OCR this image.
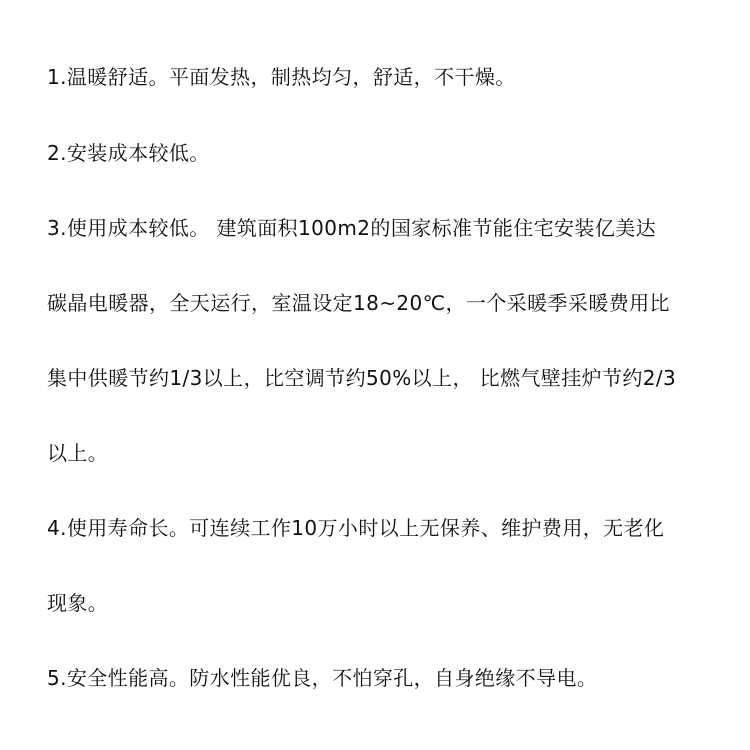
1.温暖舒适。平面发热，制热均匀，舒适，不干燥。
2.安装成本较低。
3.使用成本较低。 建筑面积100m2的国家标准节能住宅安装亿美达
碳晶电暖器，全天运行，室温设定18~20℃，一个采暖季采暖费用比
集中供暖节约1/3以上，比空调节约50%以上， 比燃气壁挂炉节约2/3
以上。
4.使用寿命长。可连续工作10万小时以上无保养、维护费用，无老化
现象。
5.安全性能高。防水性能优良，不怕穿孔，自身绝缘不导电。
